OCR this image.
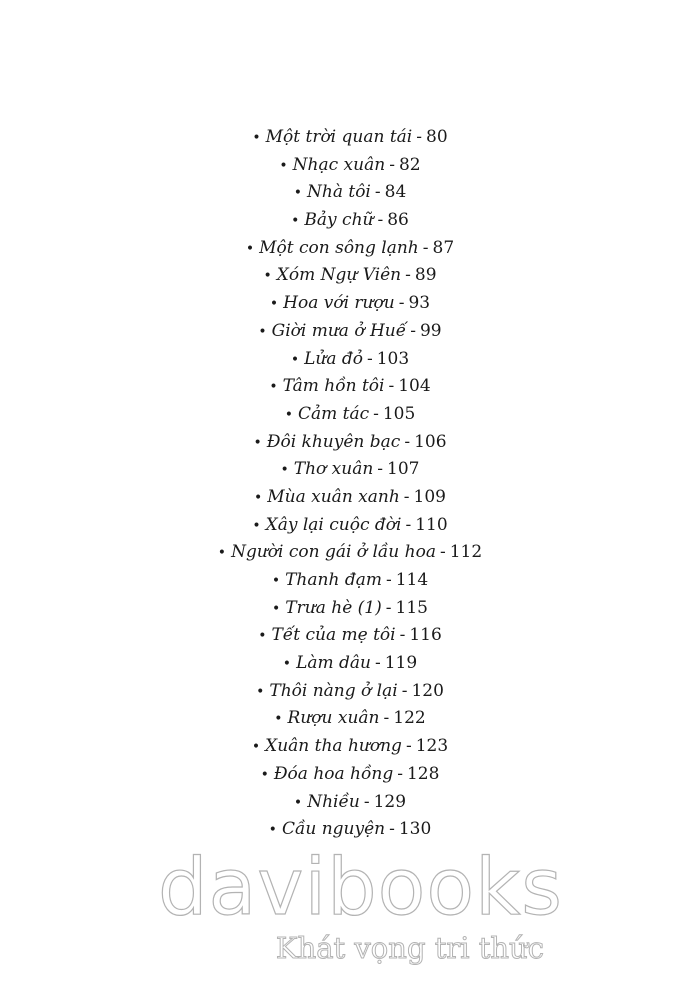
• Một trời quan tái - 80
• Nhạc xuân - 82
• Nhà tôi - 84
• Bảy chữ - 86
• Một con sông lạnh - 87
• Xóm Ngự Viên - 89
• Hoa với rượu - 93
• Giời mưa ở Huế - 99
• Lửa đỏ - 103
• Tâm hồn tôi - 104
• Cảm tác - 105
• Đôi khuyên bạc - 106
• Thơ xuân - 107
• Mùa xuân xanh - 109
• Xây lại cuộc đời - 110
• Người con gái ở lầu hoa - 112
• Thanh đạm - 114
• Trưa hè (1) - 115
• Tết của mẹ tôi - 116
• Làm dâu - 119
• Thôi nàng ở lại - 120
• Rượu xuân - 122
• Xuân tha hương - 123
• Đóa hoa hồng - 128
• Nhiều - 129
• Cầu nguyện - 130
davibooks
Khát vọng tri thức
